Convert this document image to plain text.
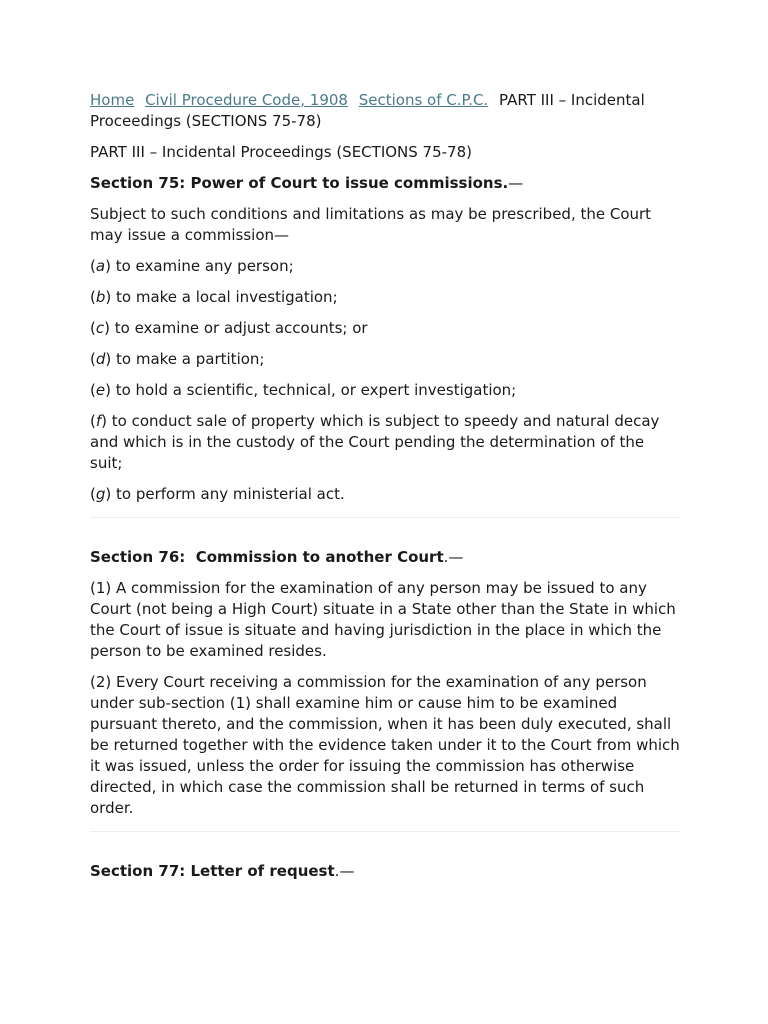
Home Civil Procedure Code, 1908 Sections of C.P.C. PART III – Incidental Proceedings (SECTIONS 75-78)

PART III – Incidental Proceedings (SECTIONS 75-78)

Section 75: Power of Court to issue commissions.—

Subject to such conditions and limitations as may be prescribed, the Court may issue a commission—

(a) to examine any person;

(b) to make a local investigation;

(c) to examine or adjust accounts; or

(d) to make a partition;

(e) to hold a scientific, technical, or expert investigation;

(f) to conduct sale of property which is subject to speedy and natural decay and which is in the custody of the Court pending the determination of the suit;

(g) to perform any ministerial act.

Section 76:  Commission to another Court.—

(1) A commission for the examination of any person may be issued to any Court (not being a High Court) situate in a State other than the State in which the Court of issue is situate and having jurisdiction in the place in which the person to be examined resides.

(2) Every Court receiving a commission for the examination of any person under sub-section (1) shall examine him or cause him to be examined pursuant thereto, and the commission, when it has been duly executed, shall be returned together with the evidence taken under it to the Court from which it was issued, unless the order for issuing the commission has otherwise directed, in which case the commission shall be returned in terms of such order.

Section 77: Letter of request.—
